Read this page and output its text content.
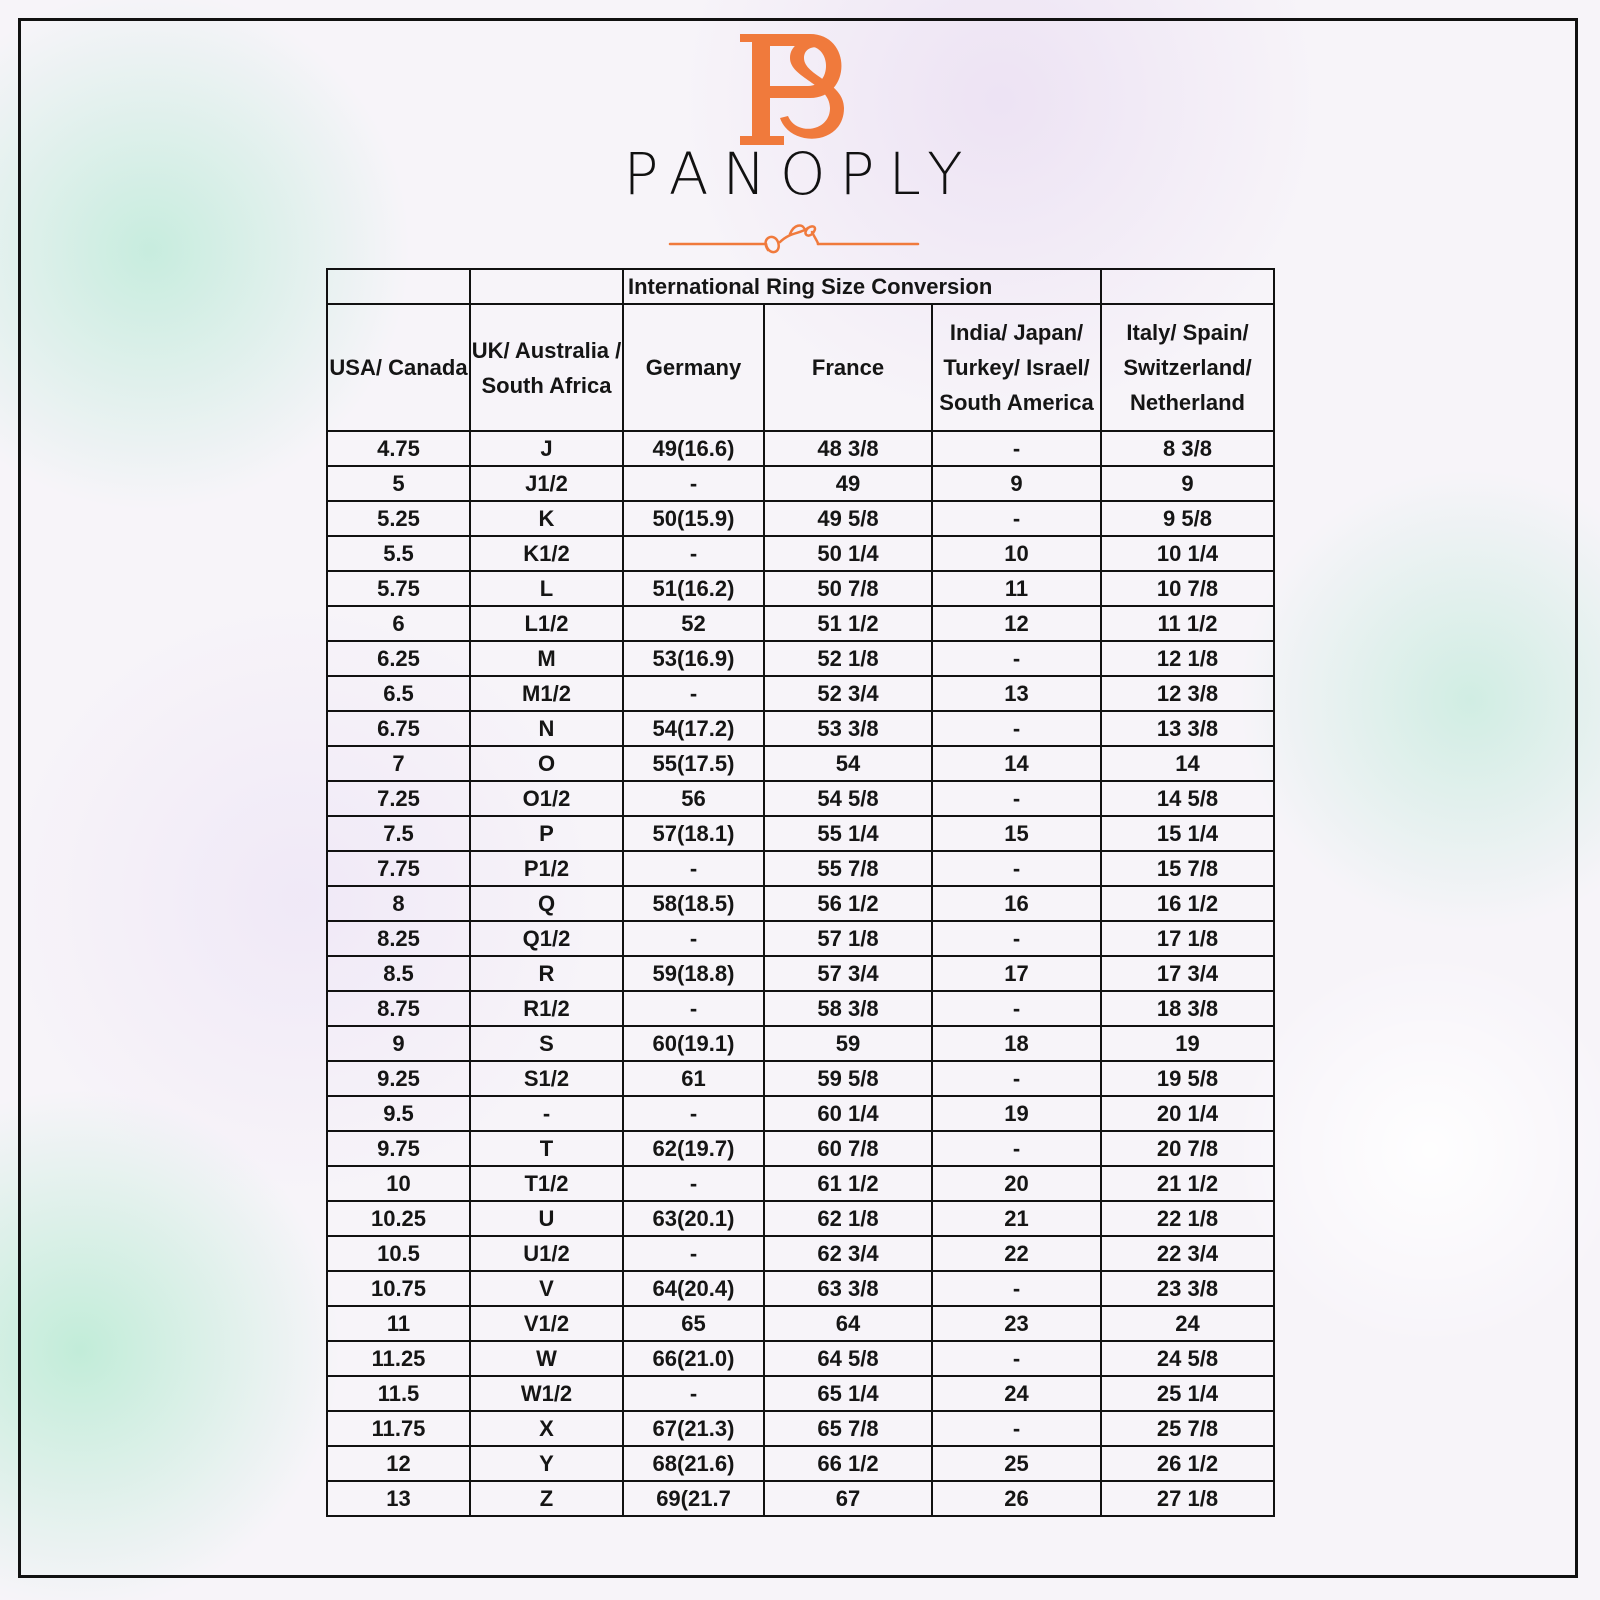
PANOPLY
		International Ring Size Conversion			
USA/ Canada	UK/ Australia / South Africa	Germany	France	India/ Japan/ Turkey/ Israel/ South America	Italy/ Spain/ Switzerland/ Netherland
4.75	J	49(16.6)	48 3/8	-	8 3/8
5	J1/2	-	49	9	9
5.25	K	50(15.9)	49 5/8	-	9 5/8
5.5	K1/2	-	50 1/4	10	10 1/4
5.75	L	51(16.2)	50 7/8	11	10 7/8
6	L1/2	52	51 1/2	12	11 1/2
6.25	M	53(16.9)	52 1/8	-	12 1/8
6.5	M1/2	-	52 3/4	13	12 3/8
6.75	N	54(17.2)	53 3/8	-	13 3/8
7	O	55(17.5)	54	14	14
7.25	O1/2	56	54 5/8	-	14 5/8
7.5	P	57(18.1)	55 1/4	15	15 1/4
7.75	P1/2	-	55 7/8	-	15 7/8
8	Q	58(18.5)	56 1/2	16	16 1/2
8.25	Q1/2	-	57 1/8	-	17 1/8
8.5	R	59(18.8)	57 3/4	17	17 3/4
8.75	R1/2	-	58 3/8	-	18 3/8
9	S	60(19.1)	59	18	19
9.25	S1/2	61	59 5/8	-	19 5/8
9.5	-	-	60 1/4	19	20 1/4
9.75	T	62(19.7)	60 7/8	-	20 7/8
10	T1/2	-	61 1/2	20	21 1/2
10.25	U	63(20.1)	62 1/8	21	22 1/8
10.5	U1/2	-	62 3/4	22	22 3/4
10.75	V	64(20.4)	63 3/8	-	23 3/8
11	V1/2	65	64	23	24
11.25	W	66(21.0)	64 5/8	-	24 5/8
11.5	W1/2	-	65 1/4	24	25 1/4
11.75	X	67(21.3)	65 7/8	-	25 7/8
12	Y	68(21.6)	66 1/2	25	26 1/2
13	Z	69(21.7	67	26	27 1/8
